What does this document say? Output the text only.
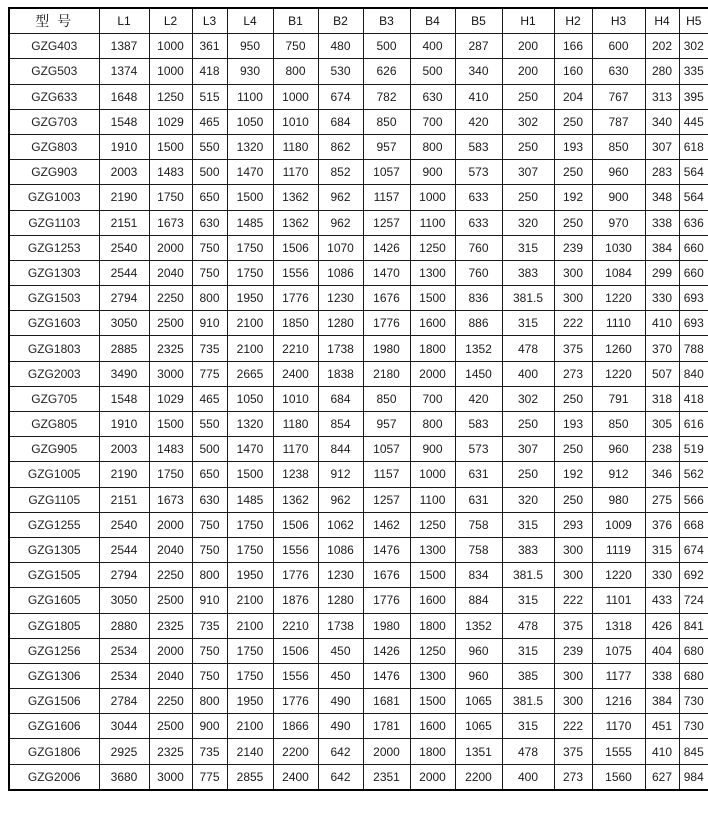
型 号	L1	L2	L3	L4	B1	B2	B3	B4	B5	H1	H2	H3	H4	H5
GZG403	1387	1000	361	950	750	480	500	400	287	200	166	600	202	302
GZG503	1374	1000	418	930	800	530	626	500	340	200	160	630	280	335
GZG633	1648	1250	515	1100	1000	674	782	630	410	250	204	767	313	395
GZG703	1548	1029	465	1050	1010	684	850	700	420	302	250	787	340	445
GZG803	1910	1500	550	1320	1180	862	957	800	583	250	193	850	307	618
GZG903	2003	1483	500	1470	1170	852	1057	900	573	307	250	960	283	564
GZG1003	2190	1750	650	1500	1362	962	1157	1000	633	250	192	900	348	564
GZG1103	2151	1673	630	1485	1362	962	1257	1100	633	320	250	970	338	636
GZG1253	2540	2000	750	1750	1506	1070	1426	1250	760	315	239	1030	384	660
GZG1303	2544	2040	750	1750	1556	1086	1470	1300	760	383	300	1084	299	660
GZG1503	2794	2250	800	1950	1776	1230	1676	1500	836	381.5	300	1220	330	693
GZG1603	3050	2500	910	2100	1850	1280	1776	1600	886	315	222	1110	410	693
GZG1803	2885	2325	735	2100	2210	1738	1980	1800	1352	478	375	1260	370	788
GZG2003	3490	3000	775	2665	2400	1838	2180	2000	1450	400	273	1220	507	840
GZG705	1548	1029	465	1050	1010	684	850	700	420	302	250	791	318	418
GZG805	1910	1500	550	1320	1180	854	957	800	583	250	193	850	305	616
GZG905	2003	1483	500	1470	1170	844	1057	900	573	307	250	960	238	519
GZG1005	2190	1750	650	1500	1238	912	1157	1000	631	250	192	912	346	562
GZG1105	2151	1673	630	1485	1362	962	1257	1100	631	320	250	980	275	566
GZG1255	2540	2000	750	1750	1506	1062	1462	1250	758	315	293	1009	376	668
GZG1305	2544	2040	750	1750	1556	1086	1476	1300	758	383	300	1119	315	674
GZG1505	2794	2250	800	1950	1776	1230	1676	1500	834	381.5	300	1220	330	692
GZG1605	3050	2500	910	2100	1876	1280	1776	1600	884	315	222	1101	433	724
GZG1805	2880	2325	735	2100	2210	1738	1980	1800	1352	478	375	1318	426	841
GZG1256	2534	2000	750	1750	1506	450	1426	1250	960	315	239	1075	404	680
GZG1306	2534	2040	750	1750	1556	450	1476	1300	960	385	300	1177	338	680
GZG1506	2784	2250	800	1950	1776	490	1681	1500	1065	381.5	300	1216	384	730
GZG1606	3044	2500	900	2100	1866	490	1781	1600	1065	315	222	1170	451	730
GZG1806	2925	2325	735	2140	2200	642	2000	1800	1351	478	375	1555	410	845
GZG2006	3680	3000	775	2855	2400	642	2351	2000	2200	400	273	1560	627	984
